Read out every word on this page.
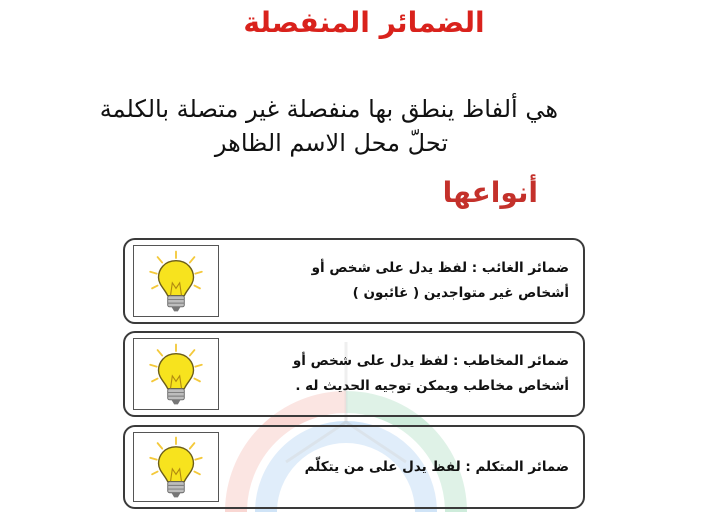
الضمائر المنفصلة
هي ألفاظ ينطق بها منفصلة غير متصلة بالكلمة
تحلّ محل الاسم الظاهر
أنواعها
ضمائر الغائب : لفظ يدل على شخص أو
أشخاص غير متواجدين ( غائبون )
ضمائر المخاطب : لفظ يدل على شخص أو
أشخاص مخاطب ويمكن توجيه الحديث له .
ضمائر المتكلم : لفظ يدل على من يتكلّم
